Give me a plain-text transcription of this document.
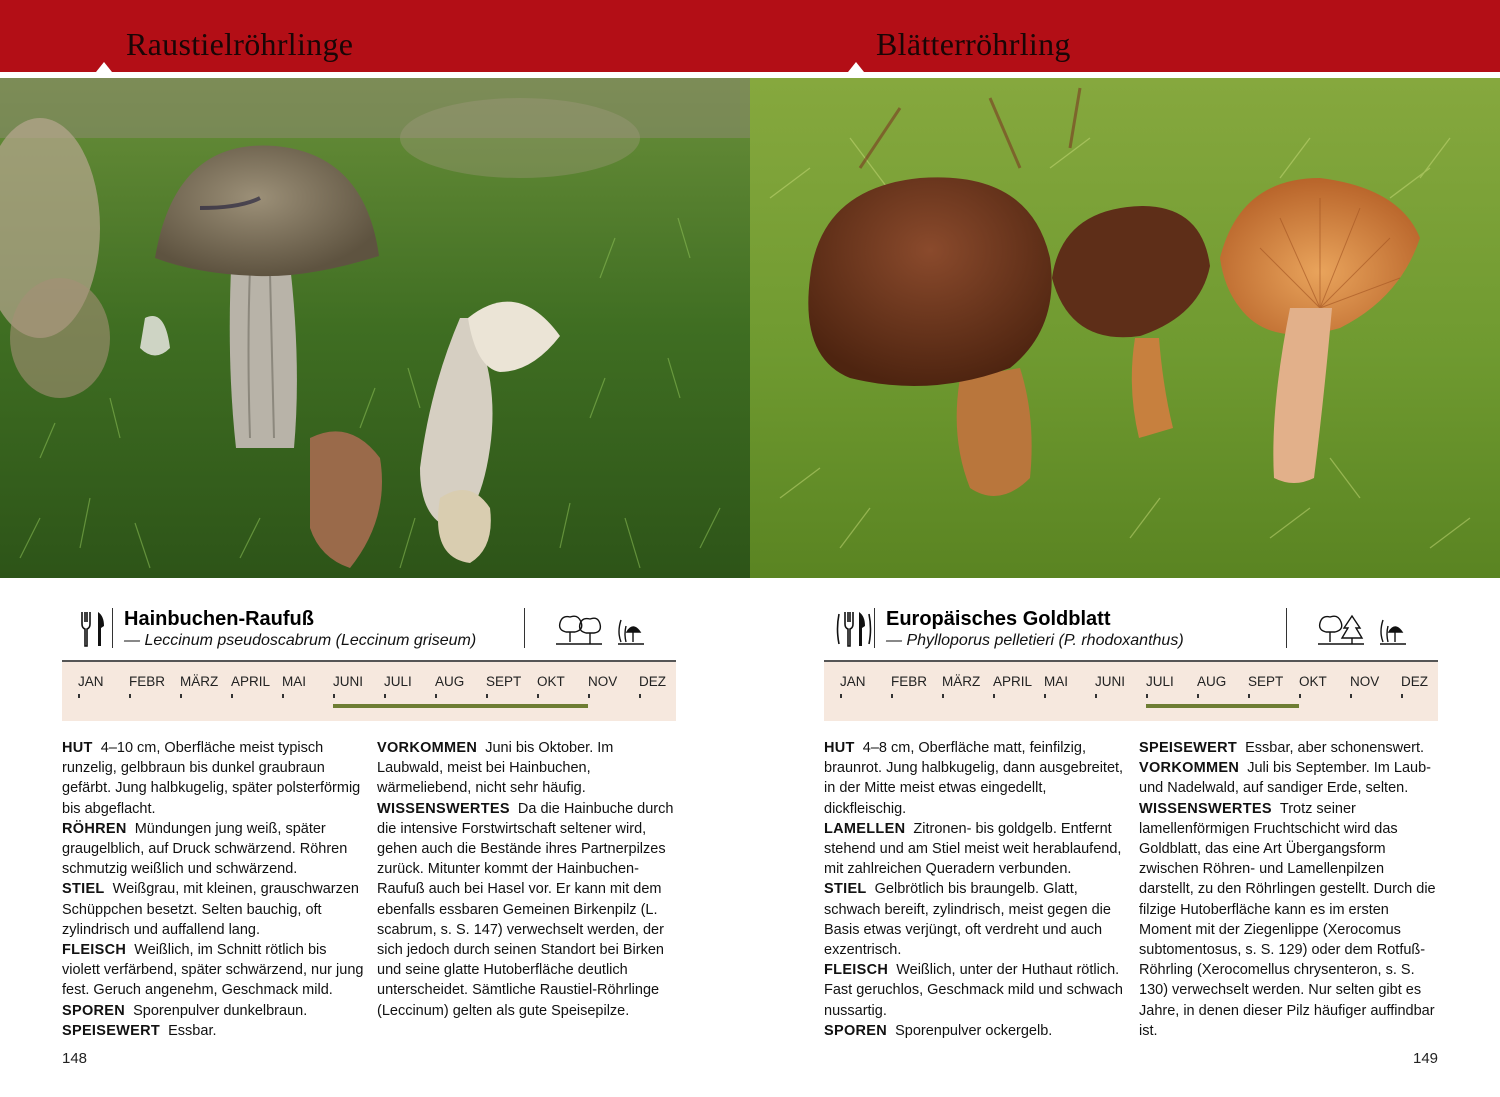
Raustielröhrlinge
Hainbuchen-Raufuß
— Leccinum pseudoscabrum (Leccinum griseum)
JAN FEBR MÄRZ APRIL MAI JUNI JULI AUG SEPT OKT NOV DEZ

HUT 4–10 cm, Oberfläche meist typisch runzelig, gelbbraun bis dunkel graubraun gefärbt. Jung halbkugelig, später polsterförmig bis abgeflacht.

RÖHREN Mündungen jung weiß, später graugelblich, auf Druck schwärzend. Röhren schmutzig weißlich und schwärzend.

STIEL Weißgrau, mit kleinen, grauschwarzen Schüppchen besetzt. Selten bauchig, oft zylindrisch und auffallend lang.

FLEISCH Weißlich, im Schnitt rötlich bis violett verfärbend, später schwärzend, nur jung fest. Geruch angenehm, Geschmack mild.

SPOREN Sporenpulver dunkelbraun.

SPEISEWERT Essbar.

VORKOMMEN Juni bis Oktober. Im Laubwald, meist bei Hainbuchen, wärmeliebend, nicht sehr häufig.

WISSENSWERTES Da die Hainbuche durch die intensive Forstwirtschaft seltener wird, gehen auch die Bestände ihres Partnerpilzes zurück. Mitunter kommt der Hainbuchen-Raufuß auch bei Hasel vor. Er kann mit dem ebenfalls essbaren Gemeinen Birkenpilz (L. scabrum, s. S. 147) verwechselt werden, der sich jedoch durch seinen Standort bei Birken und seine glatte Hutoberfläche deutlich unterscheidet. Sämtliche Raustiel-Röhrlinge (Leccinum) gelten als gute Speisepilze.

148
Blätterröhrling
Europäisches Goldblatt
— Phylloporus pelletieri (P. rhodoxanthus)
JAN FEBR MÄRZ APRIL MAI JUNI JULI AUG SEPT OKT NOV DEZ

HUT 4–8 cm, Oberfläche matt, feinfilzig, braunrot. Jung halbkugelig, dann ausgebreitet, in der Mitte meist etwas eingedellt, dickfleischig.

LAMELLEN Zitronen- bis goldgelb. Entfernt stehend und am Stiel meist weit herablaufend, mit zahlreichen Queradern verbunden.

STIEL Gelbrötlich bis braungelb. Glatt, schwach bereift, zylindrisch, meist gegen die Basis etwas verjüngt, oft verdreht und auch exzentrisch.

FLEISCH Weißlich, unter der Huthaut rötlich. Fast geruchlos, Geschmack mild und schwach nussartig.

SPOREN Sporenpulver ockergelb.

SPEISEWERT Essbar, aber schonenswert.

VORKOMMEN Juli bis September. Im Laub- und Nadelwald, auf sandiger Erde, selten.

WISSENSWERTES Trotz seiner lamellenförmigen Fruchtschicht wird das Goldblatt, das eine Art Übergangsform zwischen Röhren- und Lamellenpilzen darstellt, zu den Röhrlingen gestellt. Durch die filzige Hutoberfläche kann es im ersten Moment mit der Ziegenlippe (Xerocomus subtomentosus, s. S. 129) oder dem Rotfuß-Röhrling (Xerocomellus chrysenteron, s. S. 130) verwechselt werden. Nur selten gibt es Jahre, in denen dieser Pilz häufiger auffindbar ist.

149
